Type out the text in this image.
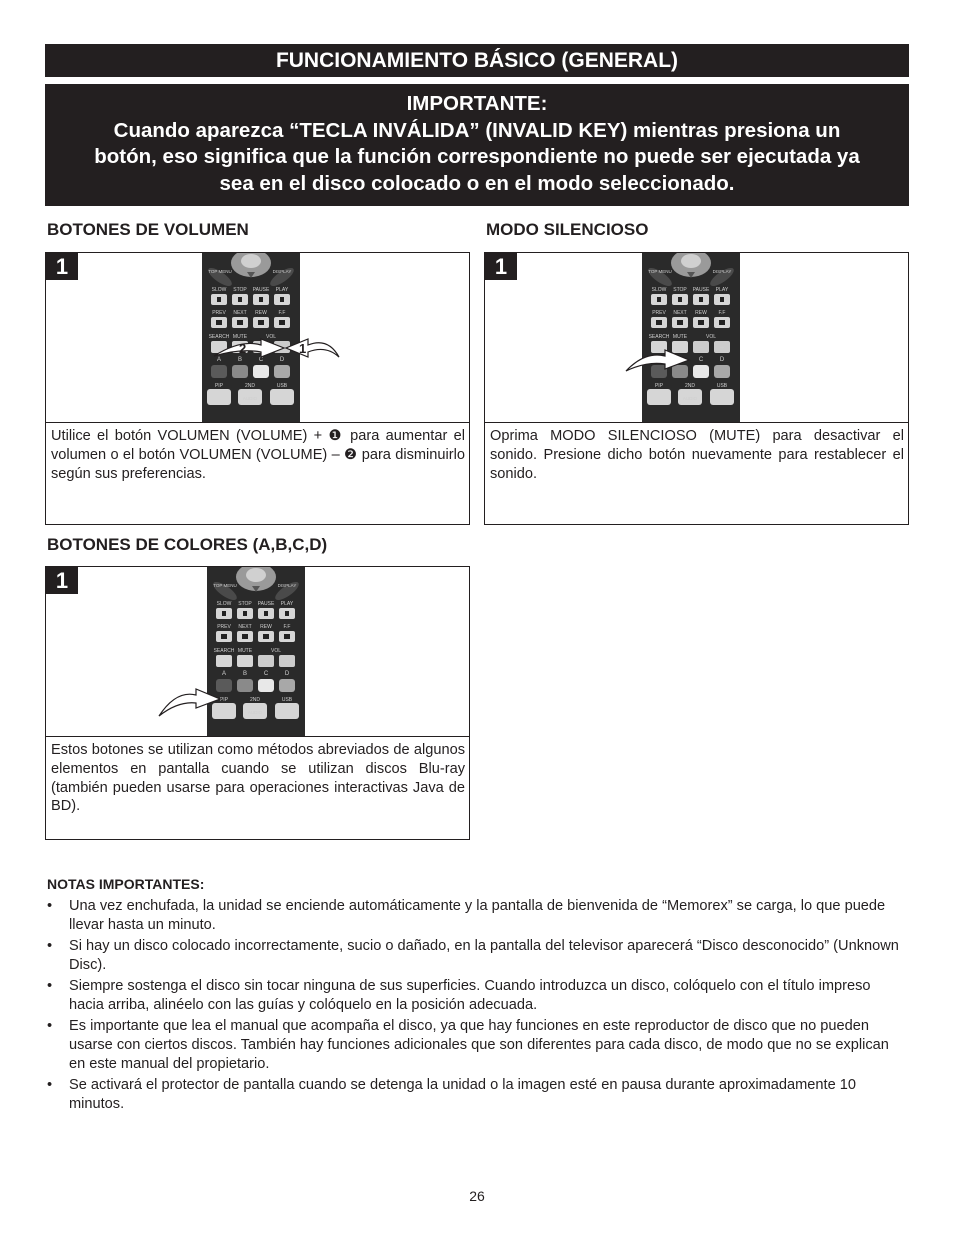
FUNCIONAMIENTO BÁSICO (GENERAL)
IMPORTANTE:
Cuando aparezca “TECLA INVÁLIDA” (INVALID KEY) mientras presiona un
botón, eso significa que la función correspondiente no puede ser ejecutada ya
sea en el disco colocado o en el modo seleccionado.
BOTONES DE VOLUMEN
1	TOP MENU	DISPLAY
SLOW STOP PAUSE PLAY
PREV NEXT REW F.F
SEARCH MUTE	VOL
A	B	C	D
PIP	2ND	USB
AUDIO
2	1
Utilice el botón VOLUMEN (VOLUME) + ❶ para aumentar el volumen o el botón VOLUMEN (VOLUME) – ❷ para disminuirlo según sus preferencias.
MODO SILENCIOSO
1	TOP MENU	DISPLAY
SLOW STOP PAUSE PLAY
PREV NEXT REW F.F
SEARCH MUTE	VOL
– +
C	D
PIP	2ND	USB
AUDIO
Oprima MODO SILENCIOSO (MUTE) para desactivar el sonido. Presione dicho botón nuevamente para restablecer el sonido.
BOTONES DE COLORES (A,B,C,D)
1	TOP MENU	DISPLAY
SLOW STOP PAUSE PLAY
PREV NEXT REW F.F
SEARCH MUTE	VOL
– +
A	B	C	D
PIP	2ND	USB
AUDIO
Estos botones se utilizan como métodos abreviados de algunos elementos en pantalla cuando se utilizan discos Blu-ray (también pueden usarse para operaciones interactivas Java de BD).
NOTAS IMPORTANTES:
• Una vez enchufada, la unidad se enciende automáticamente y la pantalla de bienvenida de “Memorex” se carga, lo que puede llevar hasta un minuto.
• Si hay un disco colocado incorrectamente, sucio o dañado, en la pantalla del televisor aparecerá “Disco desconocido” (Unknown Disc).
• Siempre sostenga el disco sin tocar ninguna de sus superficies. Cuando introduzca un disco, colóquelo con el título impreso hacia arriba, alinéelo con las guías y colóquelo en la posición adecuada.
• Es importante que lea el manual que acompaña el disco, ya que hay funciones en este reproductor de disco que no pueden usarse con ciertos discos. También hay funciones adicionales que son diferentes para cada disco, de modo que no se explican en este manual del propietario.
• Se activará el protector de pantalla cuando se detenga la unidad o la imagen esté en pausa durante aproximadamente 10 minutos.
26
